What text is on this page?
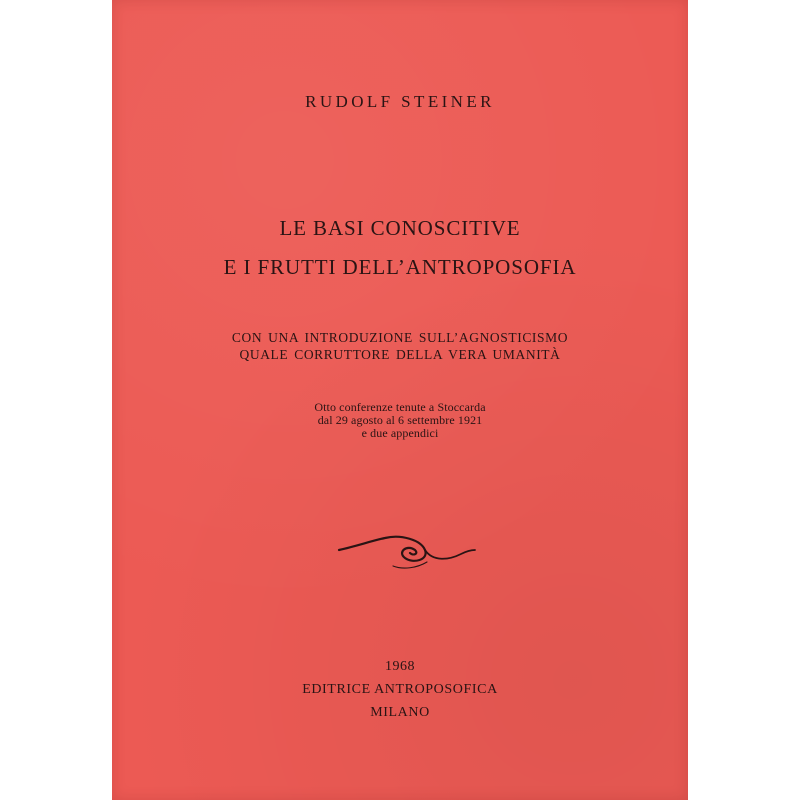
RUDOLF STEINER
LE BASI CONOSCITIVE
E I FRUTTI DELL’ANTROPOSOFIA
CON UNA INTRODUZIONE SULL’AGNOSTICISMO
QUALE CORRUTTORE DELLA VERA UMANITÀ
Otto conferenze tenute a Stoccarda
dal 29 agosto al 6 settembre 1921
e due appendici
1968
EDITRICE ANTROPOSOFICA
MILANO
